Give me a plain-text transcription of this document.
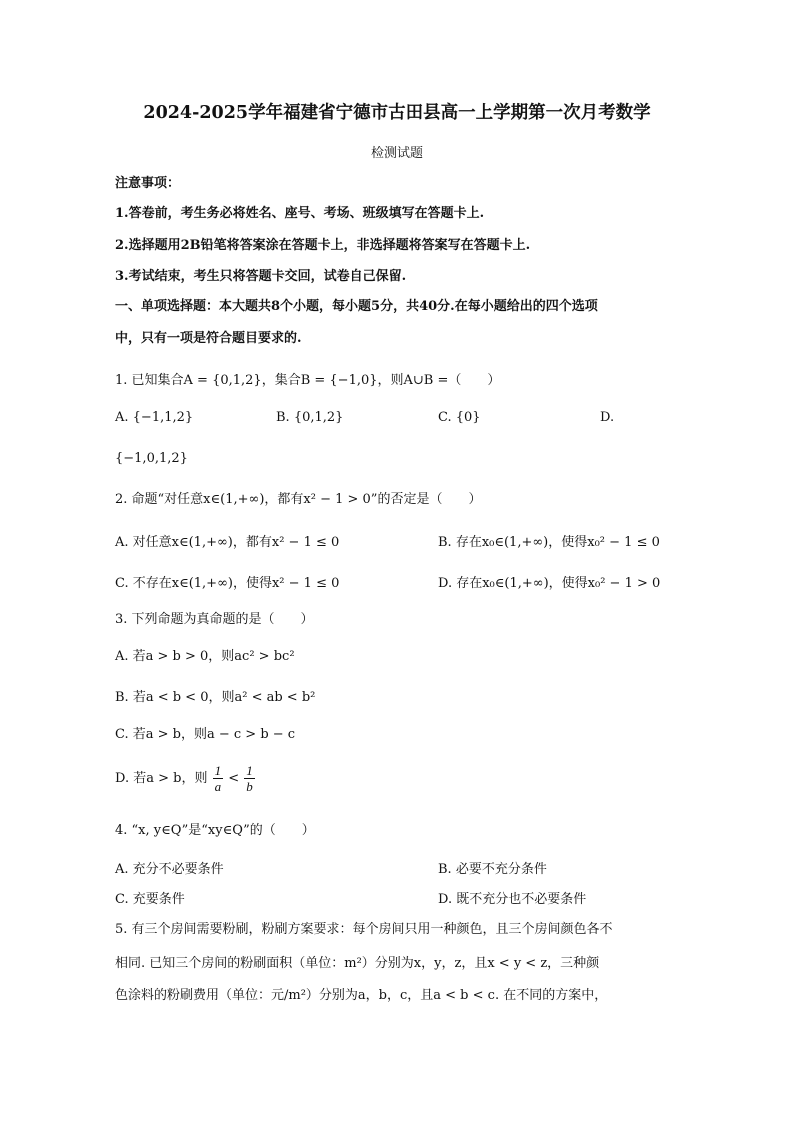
2024-2025学年福建省宁德市古田县高一上学期第一次月考数学
检测试题
注意事项：
1.答卷前，考生务必将姓名、座号、考场、班级填写在答题卡上.
2.选择题用2B铅笔将答案涂在答题卡上，非选择题将答案写在答题卡上.
3.考试结束，考生只将答题卡交回，试卷自己保留.
一、单项选择题：本大题共8个小题，每小题5分，共40分.在每小题给出的四个选项
中，只有一项是符合题目要求的.
1. 已知集合A = {0,1,2}，集合B = {−1,0}，则A∪B =（　　）
A. {−1,1,2}	B. {0,1,2}	C. {0}	D.
{−1,0,1,2}
2. 命题“对任意x∈(1,+∞)，都有x² − 1 > 0”的否定是（　　）
A. 对任意x∈(1,+∞)，都有x² − 1 ≤ 0	B. 存在x₀∈(1,+∞)，使得x₀² − 1 ≤ 0
C. 不存在x∈(1,+∞)，使得x² − 1 ≤ 0	D. 存在x₀∈(1,+∞)，使得x₀² − 1 > 0
3. 下列命题为真命题的是（　　）
A. 若a > b > 0，则ac² > bc²
B. 若a < b < 0，则a² < ab < b²
C. 若a > b，则a − c > b − c
D. 若a > b，则 $\frac{1}{a} < \frac{1}{b}$
4. “x, y∈Q”是“xy∈Q”的（　　）
A. 充分不必要条件	B. 必要不充分条件
C. 充要条件	D. 既不充分也不必要条件
5. 有三个房间需要粉刷，粉刷方案要求：每个房间只用一种颜色，且三个房间颜色各不
相同. 已知三个房间的粉刷面积（单位：m²）分别为x，y，z，且x < y < z，三种颜
色涂料的粉刷费用（单位：元/m²）分别为a，b，c，且a < b < c. 在不同的方案中，
